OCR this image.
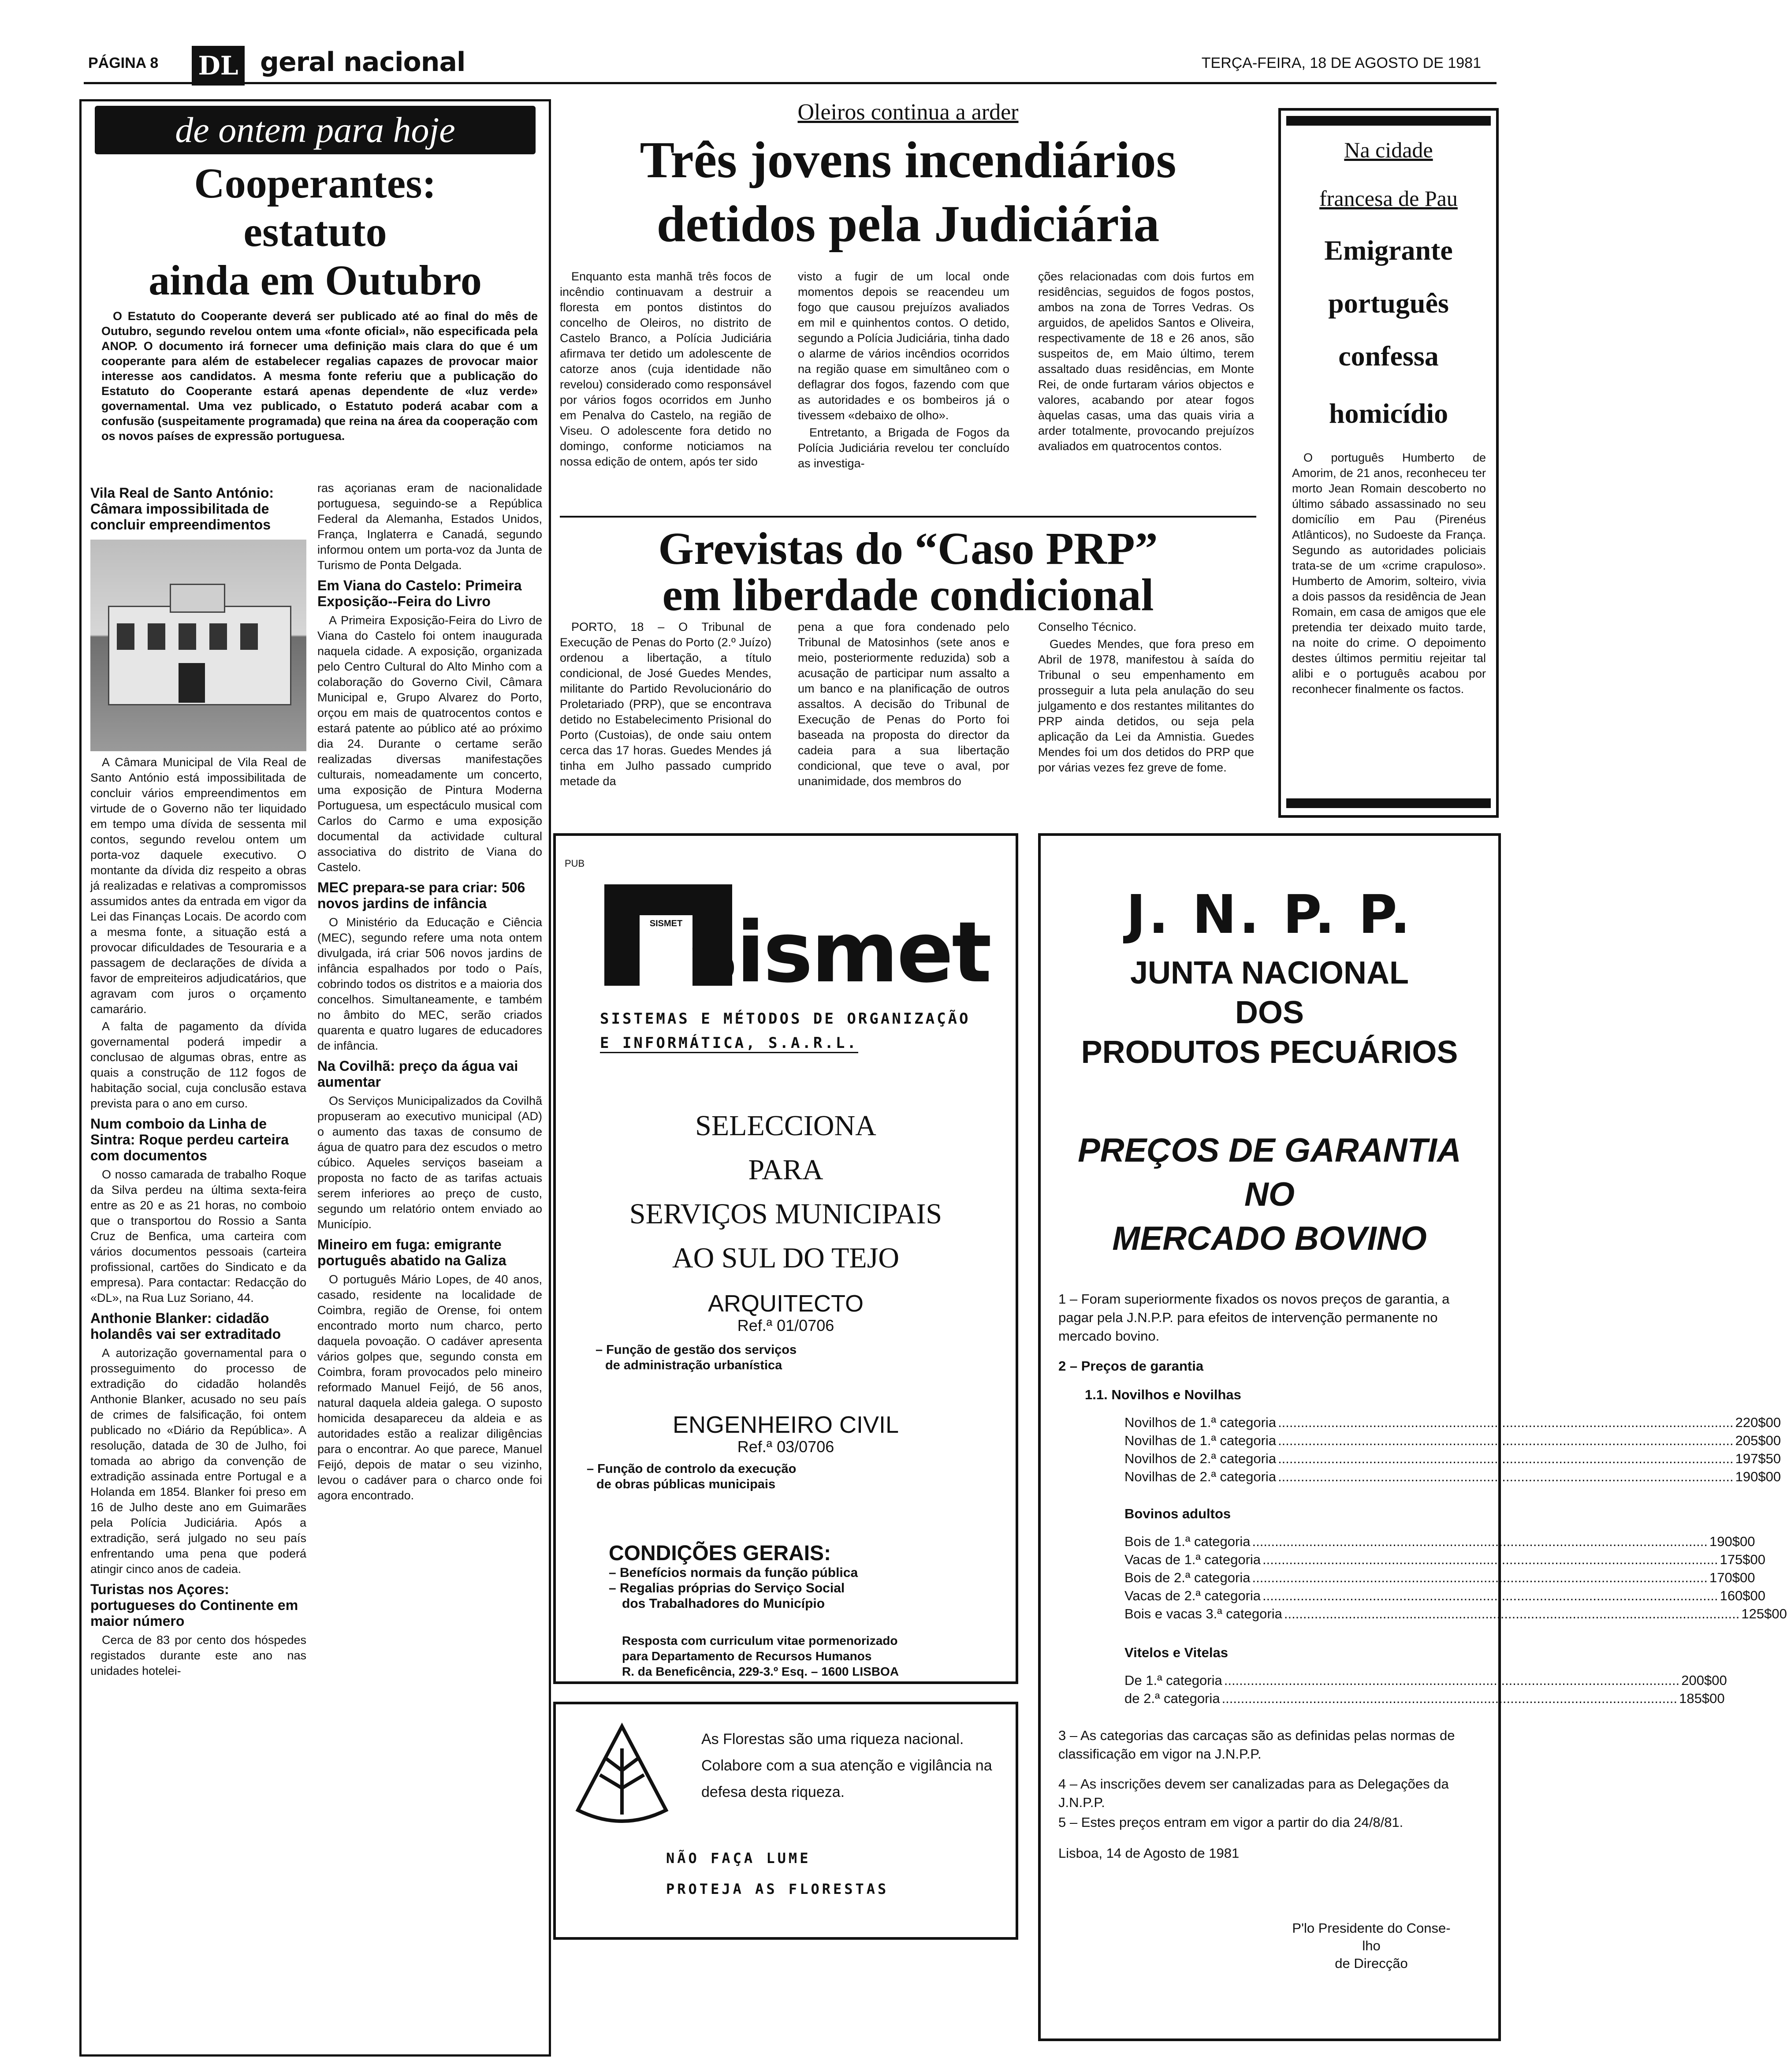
PÁGINA 8 DL geral nacional	TERÇA-FEIRA, 18 DE AGOSTO DE 1981
de ontem para hoje
Cooperantes:
estatuto
ainda em Outubro
O Estatuto do Cooperante deverá ser publicado até ao final do mês de Outubro, segundo revelou ontem uma «fonte oficial», não especificada pela ANOP. O documento irá fornecer uma definição mais clara do que é um cooperante para além de estabelecer regalias capazes de provocar maior interesse aos candidatos. A mesma fonte referiu que a publicação do Estatuto do Cooperante estará apenas dependente de «luz verde» governamental. Uma vez publicado, o Estatuto poderá acabar com a confusão (suspeitamente programada) que reina na área da cooperação com os novos países de expressão portuguesa.
Vila Real de Santo António: Câmara impossibilitada de concluir empreendimentos

A Câmara Municipal de Vila Real de Santo António está impossibilitada de concluir vários empreendimentos em virtude de o Governo não ter liquidado em tempo uma dívida de sessenta mil contos, segundo revelou ontem um porta-voz daquele executivo. O montante da dívida diz respeito a obras já realizadas e relativas a compromissos assumidos antes da entrada em vigor da Lei das Finanças Locais. De acordo com a mesma fonte, a situação está a provocar dificuldades de Tesouraria e a passagem de declarações de dívida a favor de empreiteiros adjudicatários, que agravam com juros o orçamento camarário.

A falta de pagamento da dívida governamental poderá impedir a conclusao de algumas obras, entre as quais a construção de 112 fogos de habitação social, cuja conclusão estava prevista para o ano em curso.

Num comboio da Linha de Sintra: Roque perdeu carteira com documentos

O nosso camarada de trabalho Roque da Silva perdeu na última sexta-feira entre as 20 e as 21 horas, no comboio que o transportou do Rossio a Santa Cruz de Benfica, uma carteira com vários documentos pessoais (carteira profissional, cartões do Sindicato e da empresa). Para contactar: Redacção do «DL», na Rua Luz Soriano, 44.

Anthonie Blanker: cidadão holandês vai ser extraditado

A autorização governamental para o prosseguimento do processo de extradição do cidadão holandês Anthonie Blanker, acusado no seu país de crimes de falsificação, foi ontem publicado no «Diário da República». A resolução, datada de 30 de Julho, foi tomada ao abrigo da convenção de extradição assinada entre Portugal e a Holanda em 1854. Blanker foi preso em 16 de Julho deste ano em Guimarães pela Polícia Judiciária. Após a extradição, será julgado no seu país enfrentando uma pena que poderá atingir cinco anos de cadeia.

Turistas nos Açores: portugueses do Continente em maior número

Cerca de 83 por cento dos hóspedes registados durante este ano nas unidades hotelei-

ras açorianas eram de nacionalidade portuguesa, seguindo-se a República Federal da Alemanha, Estados Unidos, França, Inglaterra e Canadá, segundo informou ontem um porta-voz da Junta de Turismo de Ponta Delgada.

Em Viana do Castelo: Primeira Exposição--Feira do Livro

A Primeira Exposição-Feira do Livro de Viana do Castelo foi ontem inaugurada naquela cidade. A exposição, organizada pelo Centro Cultural do Alto Minho com a colaboração do Governo Civil, Câmara Municipal e, Grupo Alvarez do Porto, orçou em mais de quatrocentos contos e estará patente ao público até ao próximo dia 24. Durante o certame serão realizadas diversas manifestações culturais, nomeadamente um concerto, uma exposição de Pintura Moderna Portuguesa, um espectáculo musical com Carlos do Carmo e uma exposição documental da actividade cultural associativa do distrito de Viana do Castelo.

MEC prepara-se para criar: 506 novos jardins de infância

O Ministério da Educação e Ciência (MEC), segundo refere uma nota ontem divulgada, irá criar 506 novos jardins de infância espalhados por todo o País, cobrindo todos os distritos e a maioria dos concelhos. Simultaneamente, e também no âmbito do MEC, serão criados quarenta e quatro lugares de educadores de infância.

Na Covilhã: preço da água vai aumentar

Os Serviços Municipalizados da Covilhã propuseram ao executivo municipal (AD) o aumento das taxas de consumo de água de quatro para dez escudos o metro cúbico. Aqueles serviços baseiam a proposta no facto de as tarifas actuais serem inferiores ao preço de custo, segundo um relatório ontem enviado ao Município.

Mineiro em fuga: emigrante português abatido na Galiza

O português Mário Lopes, de 40 anos, casado, residente na localidade de Coimbra, região de Orense, foi ontem encontrado morto num charco, perto daquela povoação. O cadáver apresenta vários golpes que, segundo consta em Coimbra, foram provocados pelo mineiro reformado Manuel Feijó, de 56 anos, natural daquela aldeia galega. O suposto homicida desapareceu da aldeia e as autoridades estão a realizar diligências para o encontrar. Ao que parece, Manuel Feijó, depois de matar o seu vizinho, levou o cadáver para o charco onde foi agora encontrado.

Oleiros continua a arder
Três jovens incendiários
detidos pela Judiciária

Enquanto esta manhã três focos de incêndio continuavam a destruir a floresta em pontos distintos do concelho de Oleiros, no distrito de Castelo Branco, a Polícia Judiciária afirmava ter detido um adolescente de catorze anos (cuja identidade não revelou) considerado como responsável por vários fogos ocorridos em Junho em Penalva do Castelo, na região de Viseu. O adolescente fora detido no domingo, conforme noticiamos na nossa edição de ontem, após ter sido

visto a fugir de um local onde momentos depois se reacendeu um fogo que causou prejuízos avaliados em mil e quinhentos contos. O detido, segundo a Polícia Judiciária, tinha dado o alarme de vários incêndios ocorridos na região quase em simultâneo com o deflagrar dos fogos, fazendo com que as autoridades e os bombeiros já o tivessem «debaixo de olho».

Entretanto, a Brigada de Fogos da Polícia Judiciária revelou ter concluído as investiga-

ções relacionadas com dois furtos em residências, seguidos de fogos postos, ambos na zona de Torres Vedras. Os arguidos, de apelidos Santos e Oliveira, respectivamente de 18 e 26 anos, são suspeitos de, em Maio último, terem assaltado duas residências, em Monte Rei, de onde furtaram vários objectos e valores, acabando por atear fogos àquelas casas, uma das quais viria a arder totalmente, provocando prejuízos avaliados em quatrocentos contos.

Grevistas do “Caso PRP”
em liberdade condicional

PORTO, 18 – O Tribunal de Execução de Penas do Porto (2.º Juízo) ordenou a libertação, a título condicional, de José Guedes Mendes, militante do Partido Revolucionário do Proletariado (PRP), que se encontrava detido no Estabelecimento Prisional do Porto (Custoias), de onde saiu ontem cerca das 17 horas. Guedes Mendes já tinha em Julho passado cumprido metade da

pena a que fora condenado pelo Tribunal de Matosinhos (sete anos e meio, posteriormente reduzida) sob a acusação de participar num assalto a um banco e na planificação de outros assaltos. A decisão do Tribunal de Execução de Penas do Porto foi baseada na proposta do director da cadeia para a sua libertação condicional, que teve o aval, por unanimidade, dos membros do

Conselho Técnico.

Guedes Mendes, que fora preso em Abril de 1978, manifestou à saída do Tribunal o seu empenhamento em prosseguir a luta pela anulação do seu julgamento e dos restantes militantes do PRP ainda detidos, ou seja pela aplicação da Lei da Amnistia. Guedes Mendes foi um dos detidos do PRP que por várias vezes fez greve de fome.

Na cidade
francesa de Pau
Emigrante
português
confessa
homicídio
O português Humberto de Amorim, de 21 anos, reconheceu ter morto Jean Romain descoberto no último sábado assassinado no seu domicílio em Pau (Pirenéus Atlânticos), no Sudoeste da França. Segundo as autoridades policiais trata-se de um «crime crapuloso». Humberto de Amorim, solteiro, vivia a dois passos da residência de Jean Romain, em casa de amigos que ele pretendia ter deixado muito tarde, na noite do crime. O depoimento destes últimos permitiu rejeitar tal alibi e o português acabou por reconhecer finalmente os factos.
PUB
SISMET sismet
SISTEMAS E MÉTODOS DE ORGANIZAÇÃO
E INFORMÁTICA, S.A.R.L.
SELECCIONA
PARA
SERVIÇOS MUNICIPAIS
AO SUL DO TEJO
ARQUITECTO
Ref.ª 01/0706
– Função de gestão dos serviços
de administração urbanística
ENGENHEIRO CIVIL
Ref.ª 03/0706
– Função de controlo da execução
de obras públicas municipais
CONDIÇÕES GERAIS:
– Benefícios normais da função pública
– Regalias próprias do Serviço Social
dos Trabalhadores do Município
Resposta com curriculum vitae pormenorizado
para Departamento de Recursos Humanos
R. da Beneficência, 229-3.º Esq. – 1600 LISBOA
As Florestas são uma riqueza nacional.
Colabore com a sua atenção e vigilância na
defesa desta riqueza.
NÃO FAÇA LUME
PROTEJA AS FLORESTAS
J. N. P. P.
JUNTA NACIONAL
DOS
PRODUTOS PECUÁRIOS
PREÇOS DE GARANTIA
NO
MERCADO BOVINO
1 – Foram superiormente fixados os novos preços de garantia, a pagar pela J.N.P.P. para efeitos de intervenção permanente no mercado bovino.
2 – Preços de garantia
1.1. Novilhos e Novilhas
Novilhos de 1.ª categoria ........................................................................................................................ 220$00
Novilhas de 1.ª categoria ........................................................................................................................ 205$00
Novilhos de 2.ª categoria ........................................................................................................................ 197$50
Novilhas de 2.ª categoria ........................................................................................................................ 190$00
Bovinos adultos
Bois de 1.ª categoria ........................................................................................................................ 190$00
Vacas de 1.ª categoria ........................................................................................................................ 175$00
Bois de 2.ª categoria ........................................................................................................................ 170$00
Vacas de 2.ª categoria ........................................................................................................................ 160$00
Bois e vacas 3.ª categoria ........................................................................................................................ 125$00
Vitelos e Vitelas
De 1.ª categoria ........................................................................................................................ 200$00
de 2.ª categoria ........................................................................................................................ 185$00
3 – As categorias das carcaças são as definidas pelas normas de classificação em vigor na J.N.P.P.
4 – As inscrições devem ser canalizadas para as Delegações da J.N.P.P.
5 – Estes preços entram em vigor a partir do dia 24/8/81.
Lisboa, 14 de Agosto de 1981
P'lo Presidente do Conse-
lho
de Direcção
